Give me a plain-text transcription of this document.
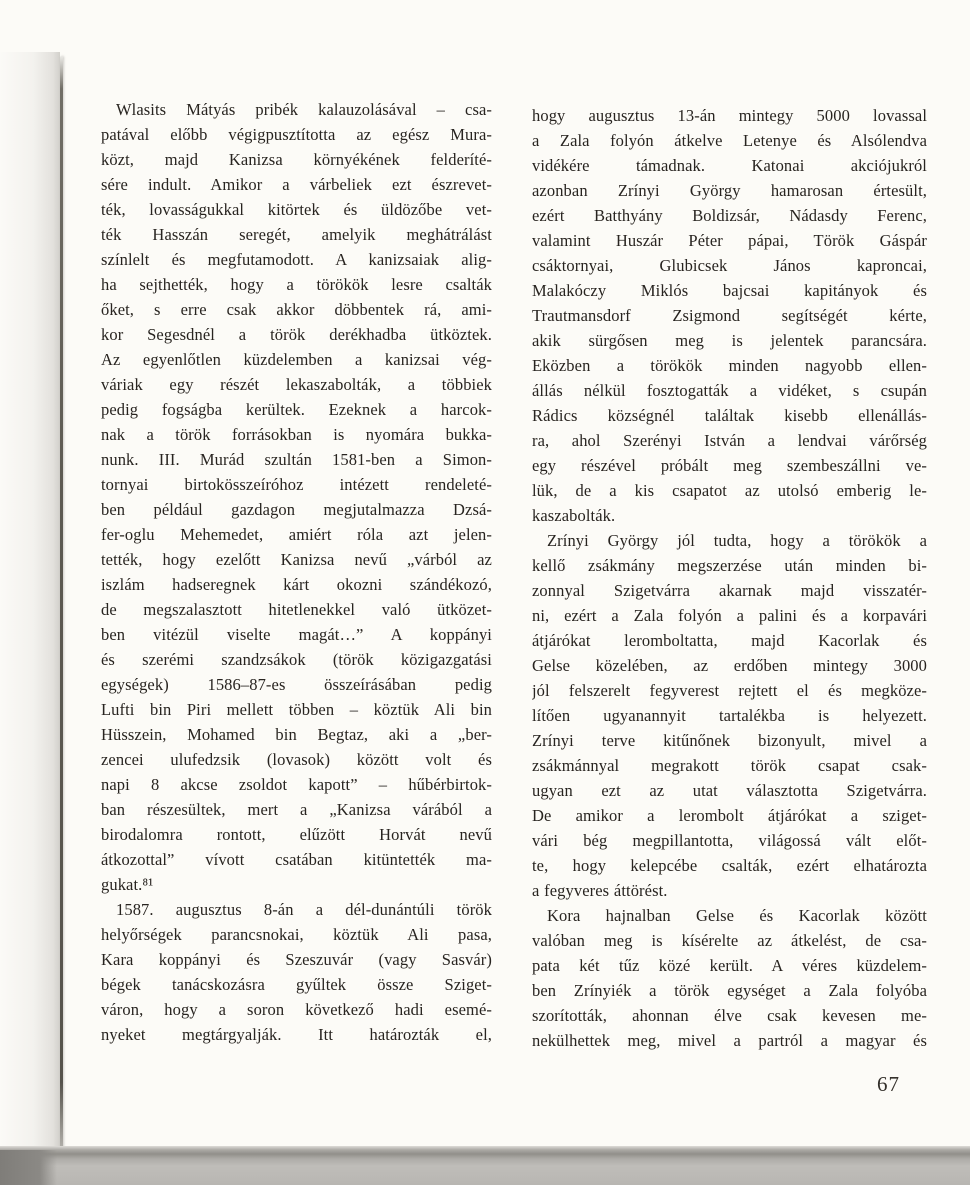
Wlasits Mátyás pribék kalauzolásával – csa-
patával előbb végigpusztította az egész Mura-
közt, majd Kanizsa környékének felderíté-
sére indult. Amikor a várbeliek ezt észrevet-
ték, lovasságukkal kitörtek és üldözőbe vet-
ték Hasszán seregét, amelyik meghátrálást
színlelt és megfutamodott. A kanizsaiak alig-
ha sejthették, hogy a törökök lesre csalták
őket, s erre csak akkor döbbentek rá, ami-
kor Segesdnél a török derékhadba ütköztek.
Az egyenlőtlen küzdelemben a kanizsai vég-
váriak egy részét lekaszabolták, a többiek
pedig fogságba kerültek. Ezeknek a harcok-
nak a török forrásokban is nyomára bukka-
nunk. III. Murád szultán 1581-ben a Simon-
tornyai birtokösszeíróhoz intézett rendeleté-
ben például gazdagon megjutalmazza Dzsá-
fer-oglu Mehemedet, amiért róla azt jelen-
tették, hogy ezelőtt Kanizsa nevű „várból az
iszlám hadseregnek kárt okozni szándékozó,
de megszalasztott hitetlenekkel való ütközet-
ben vitézül viselte magát…” A koppányi
és szerémi szandzsákok (török közigazgatási
egységek) 1586–87-es összeírásában pedig
Lufti bin Piri mellett többen – köztük Ali bin
Hüsszein, Mohamed bin Begtaz, aki a „ber-
zencei ulufedzsik (lovasok) között volt és
napi 8 akcse zsoldot kapott” – hűbérbirtok-
ban részesültek, mert a „Kanizsa várából a
birodalomra rontott, elűzött Horvát nevű
átkozottal” vívott csatában kitüntették ma-
gukat.⁸¹
1587. augusztus 8-án a dél-dunántúli török
helyőrségek parancsnokai, köztük Ali pasa,
Kara koppányi és Szeszuvár (vagy Sasvár)
bégek tanácskozásra gyűltek össze Sziget-
váron, hogy a soron következő hadi esemé-
nyeket megtárgyalják. Itt határozták el,
hogy augusztus 13-án mintegy 5000 lovassal
a Zala folyón átkelve Letenye és Alsólendva
vidékére támadnak. Katonai akciójukról
azonban Zrínyi György hamarosan értesült,
ezért Batthyány Boldizsár, Nádasdy Ferenc,
valamint Huszár Péter pápai, Török Gáspár
csáktornyai, Glubicsek János kaproncai,
Malakóczy Miklós bajcsai kapitányok és
Trautmansdorf Zsigmond segítségét kérte,
akik sürgősen meg is jelentek parancsára.
Eközben a törökök minden nagyobb ellen-
állás nélkül fosztogatták a vidéket, s csupán
Rádics községnél találtak kisebb ellenállás-
ra, ahol Szerényi István a lendvai várőrség
egy részével próbált meg szembeszállni ve-
lük, de a kis csapatot az utolsó emberig le-
kaszabolták.
Zrínyi György jól tudta, hogy a törökök a
kellő zsákmány megszerzése után minden bi-
zonnyal Szigetvárra akarnak majd visszatér-
ni, ezért a Zala folyón a palini és a korpavári
átjárókat leromboltatta, majd Kacorlak és
Gelse közelében, az erdőben mintegy 3000
jól felszerelt fegyverest rejtett el és megköze-
lítően ugyanannyit tartalékba is helyezett.
Zrínyi terve kitűnőnek bizonyult, mivel a
zsákmánnyal megrakott török csapat csak-
ugyan ezt az utat választotta Szigetvárra.
De amikor a lerombolt átjárókat a sziget-
vári bég megpillantotta, világossá vált előt-
te, hogy kelepcébe csalták, ezért elhatározta
a fegyveres áttörést.
Kora hajnalban Gelse és Kacorlak között
valóban meg is kísérelte az átkelést, de csa-
pata két tűz közé került. A véres küzdelem-
ben Zrínyiék a török egységet a Zala folyóba
szorították, ahonnan élve csak kevesen me-
nekülhettek meg, mivel a partról a magyar és
67
